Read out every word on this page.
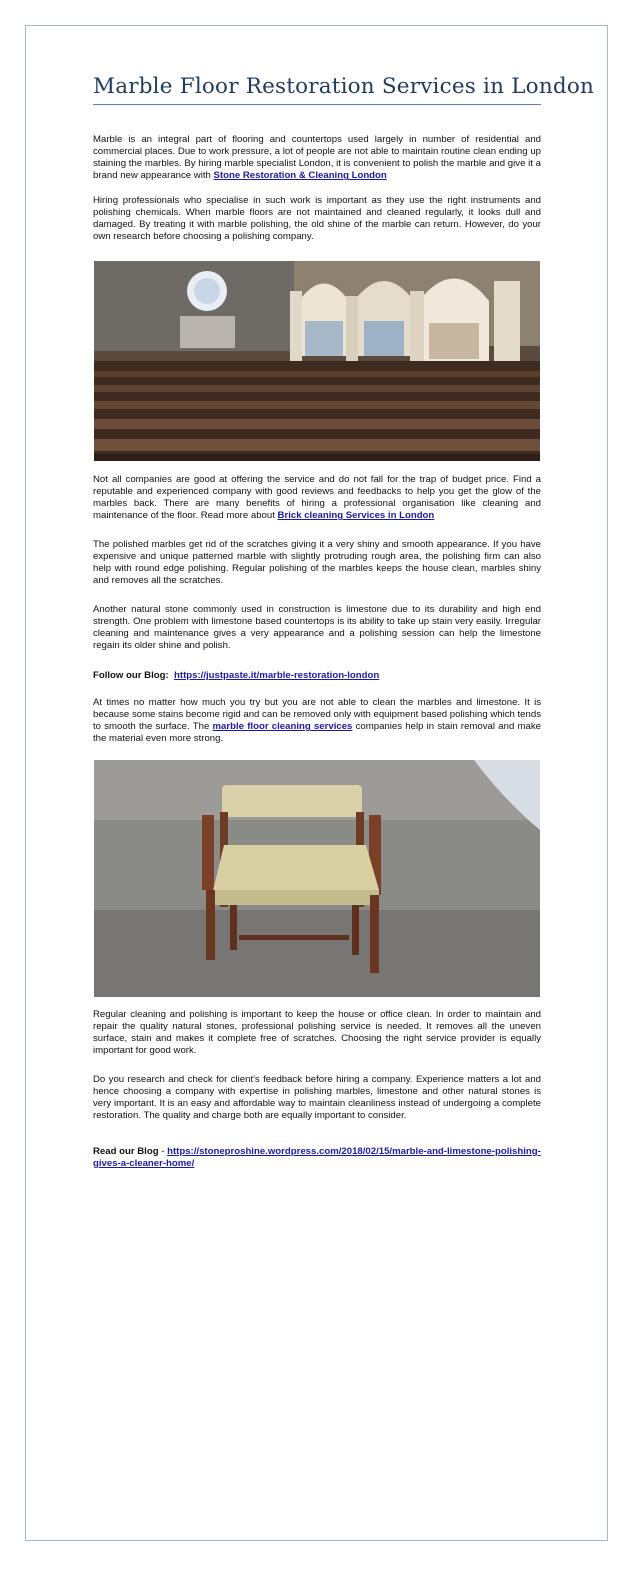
Marble Floor Restoration Services in London

Marble is an integral part of flooring and countertops used largely in number of residential and commercial places. Due to work pressure, a lot of people are not able to maintain routine clean ending up staining the marbles. By hiring marble specialist London, it is convenient to polish the marble and give it a brand new appearance with Stone Restoration & Cleaning London

Hiring professionals who specialise in such work is important as they use the right instruments and polishing chemicals. When marble floors are not maintained and cleaned regularly, it looks dull and damaged. By treating it with marble polishing, the old shine of the marble can return. However, do your own research before choosing a polishing company.

Not all companies are good at offering the service and do not fall for the trap of budget price. Find a reputable and experienced company with good reviews and feedbacks to help you get the glow of the marbles back. There are many benefits of hiring a professional organisation like cleaning and maintenance of the floor. Read more about Brick cleaning Services in London

The polished marbles get rid of the scratches giving it a very shiny and smooth appearance. If you have expensive and unique patterned marble with slightly protruding rough area, the polishing firm can also help with round edge polishing. Regular polishing of the marbles keeps the house clean, marbles shiny and removes all the scratches.

Another natural stone commonly used in construction is limestone due to its durability and high end strength. One problem with limestone based countertops is its ability to take up stain very easily. Irregular cleaning and maintenance gives a very appearance and a polishing session can help the limestone regain its older shine and polish.

Follow our Blog: https://justpaste.it/marble-restoration-london

At times no matter how much you try but you are not able to clean the marbles and limestone. It is because some stains become rigid and can be removed only with equipment based polishing which tends to smooth the surface. The marble floor cleaning services companies help in stain removal and make the material even more strong.

Regular cleaning and polishing is important to keep the house or office clean. In order to maintain and repair the quality natural stones, professional polishing service is needed. It removes all the uneven surface, stain and makes it complete free of scratches. Choosing the right service provider is equally important for good work.

Do you research and check for client's feedback before hiring a company. Experience matters a lot and hence choosing a company with expertise in polishing marbles, limestone and other natural stones is very important. It is an easy and affordable way to maintain cleanliness instead of undergoing a complete restoration. The quality and charge both are equally important to consider.

Read our Blog - https://stoneproshine.wordpress.com/2018/02/15/marble-and-limestone-polishing-gives-a-cleaner-home/
